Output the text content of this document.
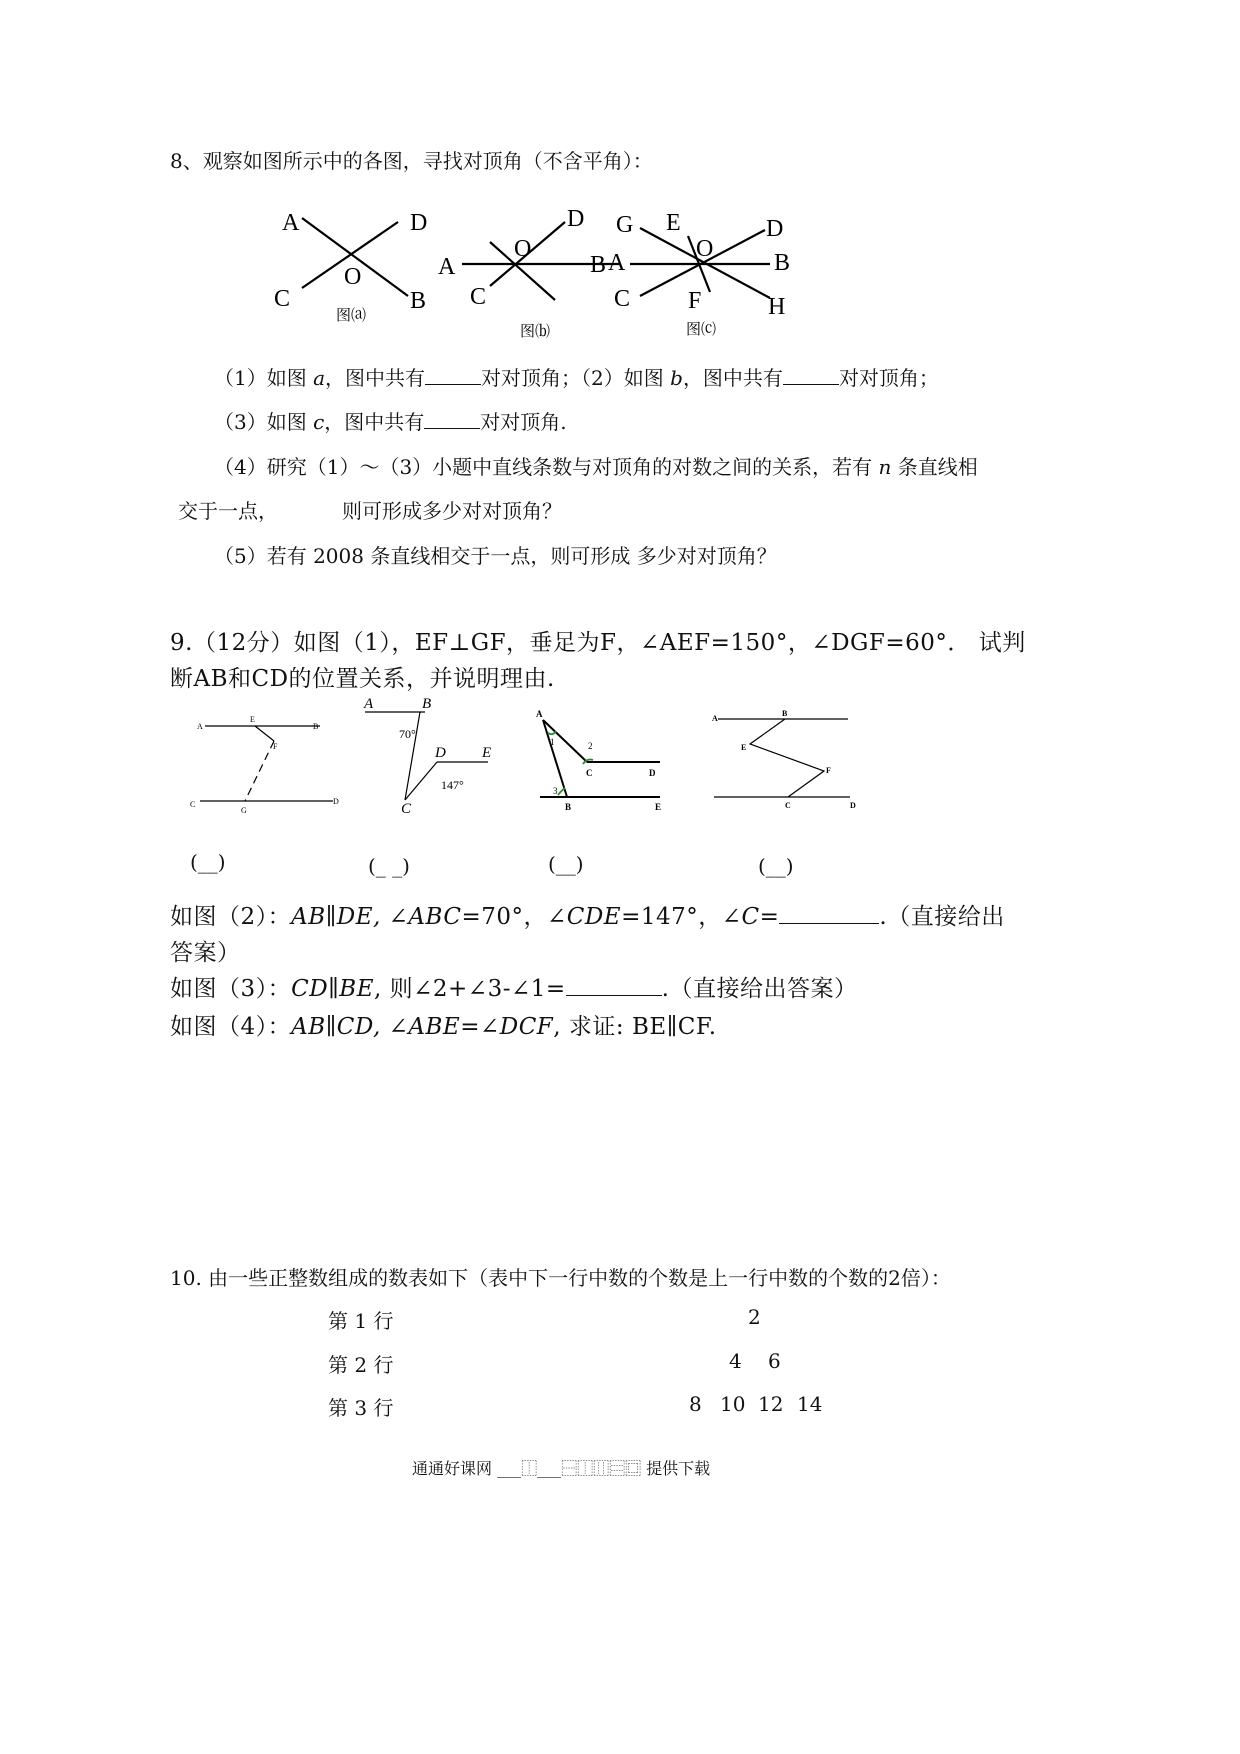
8、观察如图所示中的各图，寻找对顶角（不含平角）：
A	D
O
C	B
图⒜
D
O
A	B
C
图⒝
G E	D
O
A	B
C F	H
图⒞
（1）如图 a，图中共有	对对顶角；（2）如图 b，图中共有	对对顶角；
（3）如图 c，图中共有	对对顶角.
（4）研究（1）～（3）小题中直线条数与对顶角的对数之间的关系，若有 n 条直线相
交于一点，	则可形成多少对对顶角？
（5）若有 2008 条直线相交于一点，则可形成 多少对对顶角？
9.（12分）如图（1），EF⊥GF，垂足为F，∠AEF=150°，∠DGF=60°． 试判
断AB和CD的位置关系，并说明理由.
A
E
B
F
C
G
D
A	B
D E
C
70°
147°
A
1	2
C	D
3
B	E
A
B
E
F
C	D
(__)	(_ _)	(__)	(__)
如图（2）：AB∥DE, ∠ABC=70°，∠CDE=147°，∠C=	.（直接给出
答案）
如图（3）：CD∥BE, 则∠2+∠3-∠1=	.（直接给出答案）
如图（4）：AB∥CD, ∠ABE=∠DCF, 求证: BE∥CF.
10. 由一些正整数组成的数表如下（表中下一行中数的个数是上一行中数的个数的2倍）：
第 1 行	2
第 2 行	4 6
第 3 行	8 10 12 14
通通好课网 ___⿰___⿱⿰⿲⿳⿴ 提供下载
